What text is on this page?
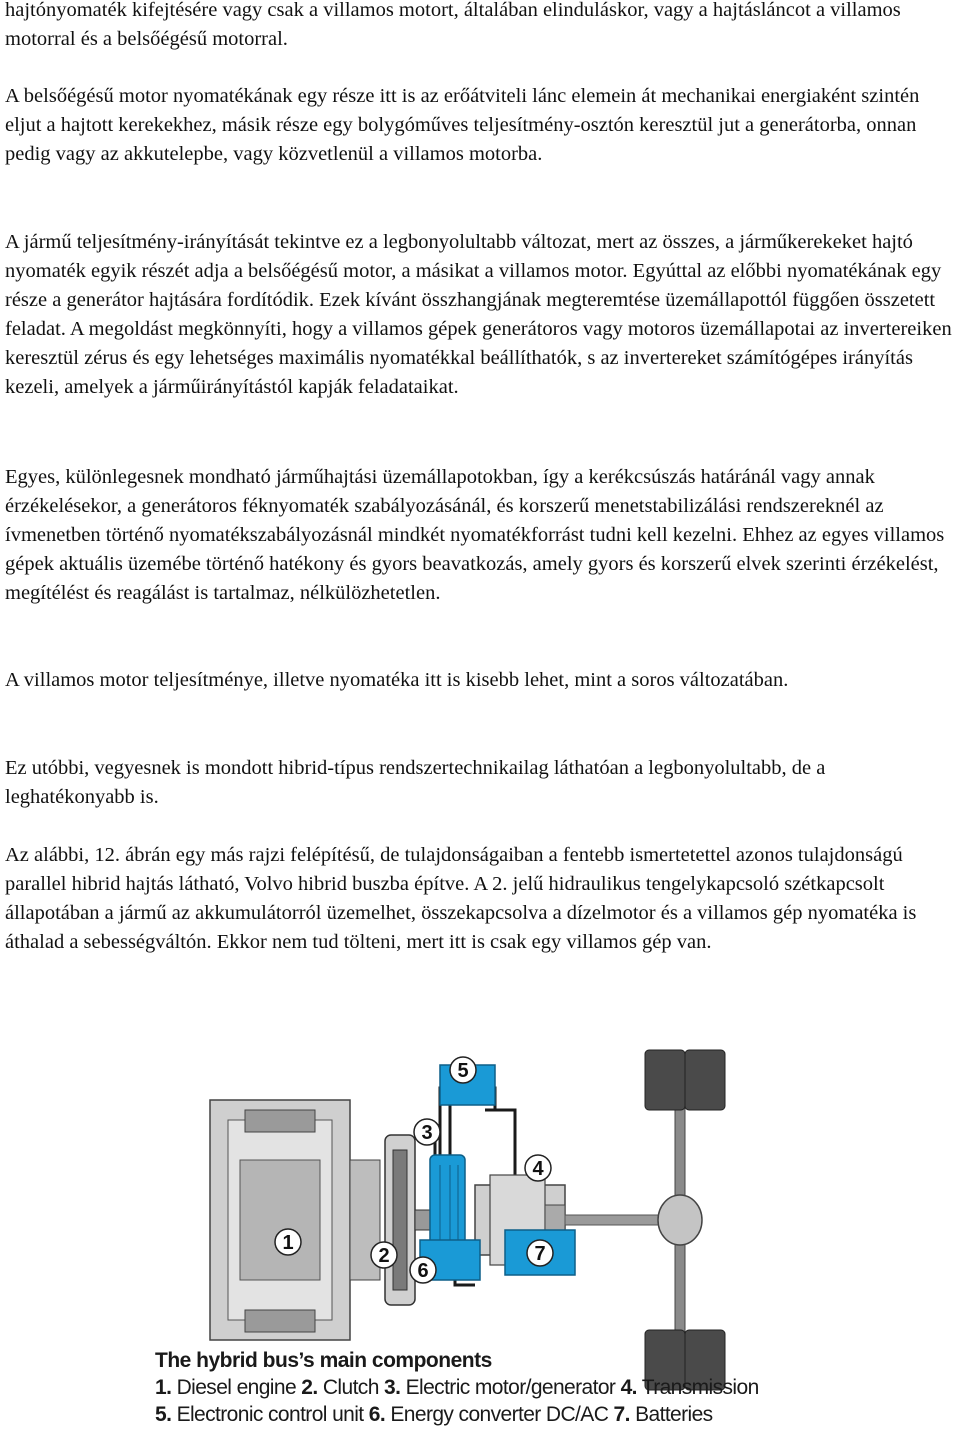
hajtónyomaték kifejtésére vagy csak a villamos motort, általában elinduláskor, vagy a hajtásláncot a villamos motorral és a belsőégésű motorral.

A belsőégésű motor nyomatékának egy része itt is az erőátviteli lánc elemein át mechanikai energiaként szintén eljut a hajtott kerekekhez, másik része egy bolygóműves teljesítmény-osztón keresztül jut a generátorba, onnan pedig vagy az akkutelepbe, vagy közvetlenül a villamos motorba.

A jármű teljesítmény-irányítását tekintve ez a legbonyolultabb változat, mert az összes, a járműkerekeket hajtó nyomaték egyik részét adja a belsőégésű motor, a másikat a villamos motor. Egyúttal az előbbi nyomatékának egy része a generátor hajtására fordítódik. Ezek kívánt összhangjának megteremtése üzemállapottól függően összetett feladat. A megoldást megkönnyíti, hogy a villamos gépek generátoros vagy motoros üzemállapotai az invertereiken keresztül zérus és egy lehetséges maximális nyomatékkal beállíthatók, s az invertereket számítógépes irányítás kezeli, amelyek a járműirányítástól kapják feladataikat.

Egyes, különlegesnek mondható járműhajtási üzemállapotokban, így a kerékcsúszás határánál vagy annak érzékelésekor, a generátoros féknyomaték szabályozásánál, és korszerű menetstabilizálási rendszereknél az ívmenetben történő nyomatékszabályozásnál mindkét nyomatékforrást tudni kell kezelni. Ehhez az egyes villamos gépek aktuális üzemébe történő hatékony és gyors beavatkozás, amely gyors és korszerű elvek szerinti érzékelést, megítélést és reagálást is tartalmaz, nélkülözhetetlen.

A villamos motor teljesítménye, illetve nyomatéka itt is kisebb lehet, mint a soros változatában.

Ez utóbbi, vegyesnek is mondott hibrid-típus rendszertechnikailag láthatóan a legbonyolultabb, de a leghatékonyabb is.

Az alábbi, 12. ábrán egy más rajzi felépítésű, de tulajdonságaiban a fentebb ismertetettel azonos tulajdonságú parallel hibrid hajtás látható, Volvo hibrid buszba építve. A 2. jelű hidraulikus tengelykapcsoló szétkapcsolt állapotában a jármű az akkumulátorról üzemelhet, összekapcsolva a dízelmotor és a villamos gép nyomatéka is áthalad a sebességváltón. Ekkor nem tud tölteni, mert itt is csak egy villamos gép van.

1
2
3
4
5
6
7

The hybrid bus’s main components

1. Diesel engine 2. Clutch 3. Electric motor/generator 4. Transmission

5. Electronic control unit 6. Energy converter DC/AC 7. Batteries
